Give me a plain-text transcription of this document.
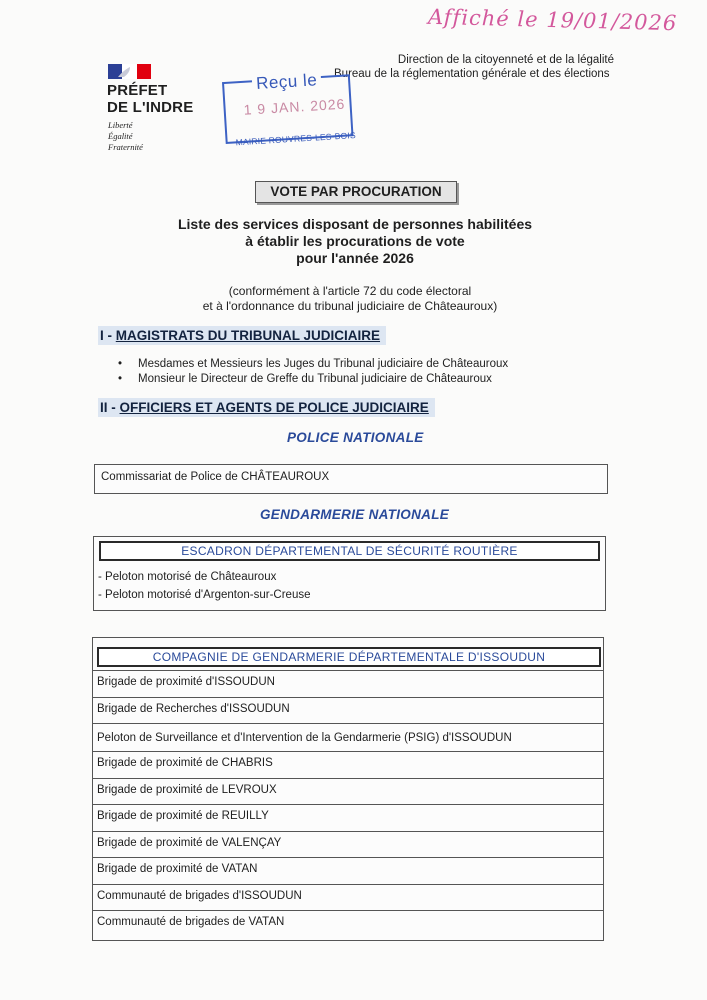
Affiché le 19/01/2026
PRÉFET
DE L'INDRE
Liberté
Égalité
Fraternité
Direction de la citoyenneté et de la légalité
Bureau de la réglementation générale et des élections
Reçu le
1 9 JAN. 2026
MAIRIE ROUVRES-LES-BOIS
VOTE PAR PROCURATION
Liste des services disposant de personnes habilitées
à établir les procurations de vote
pour l'année 2026
(conformément à l'article 72 du code électoral
et à l'ordonnance du tribunal judiciaire de Châteauroux)
I - MAGISTRATS DU TRIBUNAL JUDICIAIRE
• Mesdames et Messieurs les Juges du Tribunal judiciaire de Châteauroux
• Monsieur le Directeur de Greffe du Tribunal judiciaire de Châteauroux
II - OFFICIERS ET AGENTS DE POLICE JUDICIAIRE
POLICE NATIONALE
Commissariat de Police de CHÂTEAUROUX
GENDARMERIE NATIONALE
ESCADRON DÉPARTEMENTAL DE SÉCURITÉ ROUTIÈRE
- Peloton motorisé de Châteauroux
- Peloton motorisé d'Argenton-sur-Creuse
COMPAGNIE DE GENDARMERIE DÉPARTEMENTALE D'ISSOUDUN
Brigade de proximité d'ISSOUDUN
Brigade de Recherches d'ISSOUDUN
Peloton de Surveillance et d'Intervention de la Gendarmerie (PSIG) d'ISSOUDUN
Brigade de proximité de CHABRIS
Brigade de proximité de LEVROUX
Brigade de proximité de REUILLY
Brigade de proximité de VALENÇAY
Brigade de proximité de VATAN
Communauté de brigades d'ISSOUDUN
Communauté de brigades de VATAN
